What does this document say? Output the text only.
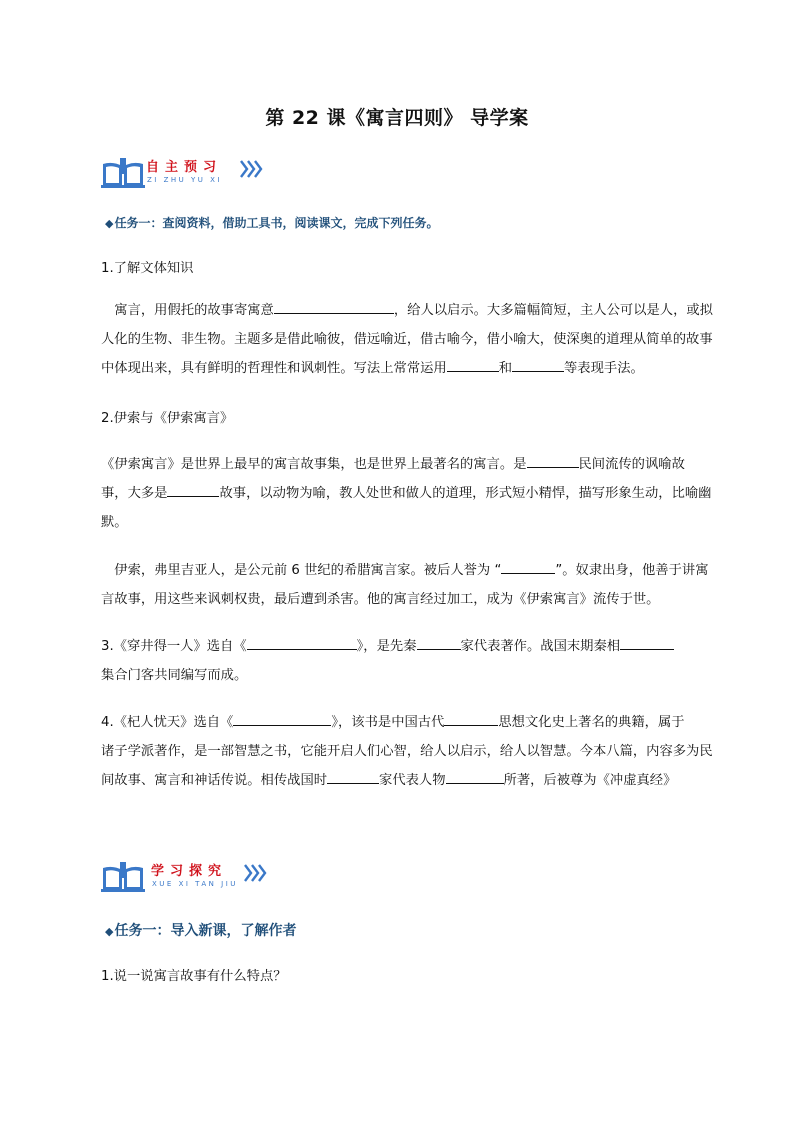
第 22 课《寓言四则》 导学案
自主预习
ZI ZHU YU XI
◆任务一：查阅资料，借助工具书，阅读课文，完成下列任务。
1.了解文体知识
 寓言，用假托的故事寄寓意	，给人以启示。大多篇幅简短，主人公可以是人，或拟
人化的生物、非生物。主题多是借此喻彼，借远喻近，借古喻今，借小喻大，使深奥的道理从简单的故事
中体现出来，具有鲜明的哲理性和讽刺性。写法上常常运用	和	等表现手法。
2.伊索与《伊索寓言》
《伊索寓言》是世界上最早的寓言故事集，也是世界上最著名的寓言。是	民间流传的讽喻故
事，大多是	故事，以动物为喻，教人处世和做人的道理，形式短小精悍，描写形象生动，比喻幽
默。
 伊索，弗里吉亚人，是公元前 6 世纪的希腊寓言家。被后人誉为 “	”。奴隶出身，他善于讲寓
言故事，用这些来讽刺权贵，最后遭到杀害。他的寓言经过加工，成为《伊索寓言》流传于世。
3.《穿井得一人》选自《	》，是先秦	家代表著作。战国末期秦相
集合门客共同编写而成。
4.《杞人忧天》选自《	》，该书是中国古代	思想文化史上著名的典籍，属于
诸子学派著作，是一部智慧之书，它能开启人们心智，给人以启示，给人以智慧。今本八篇，内容多为民
间故事、寓言和神话传说。相传战国时	家代表人物	所著，后被尊为《冲虚真经》
学习探究
XUE XI TAN JIU
◆任务一：导入新课，了解作者
1.说一说寓言故事有什么特点？
